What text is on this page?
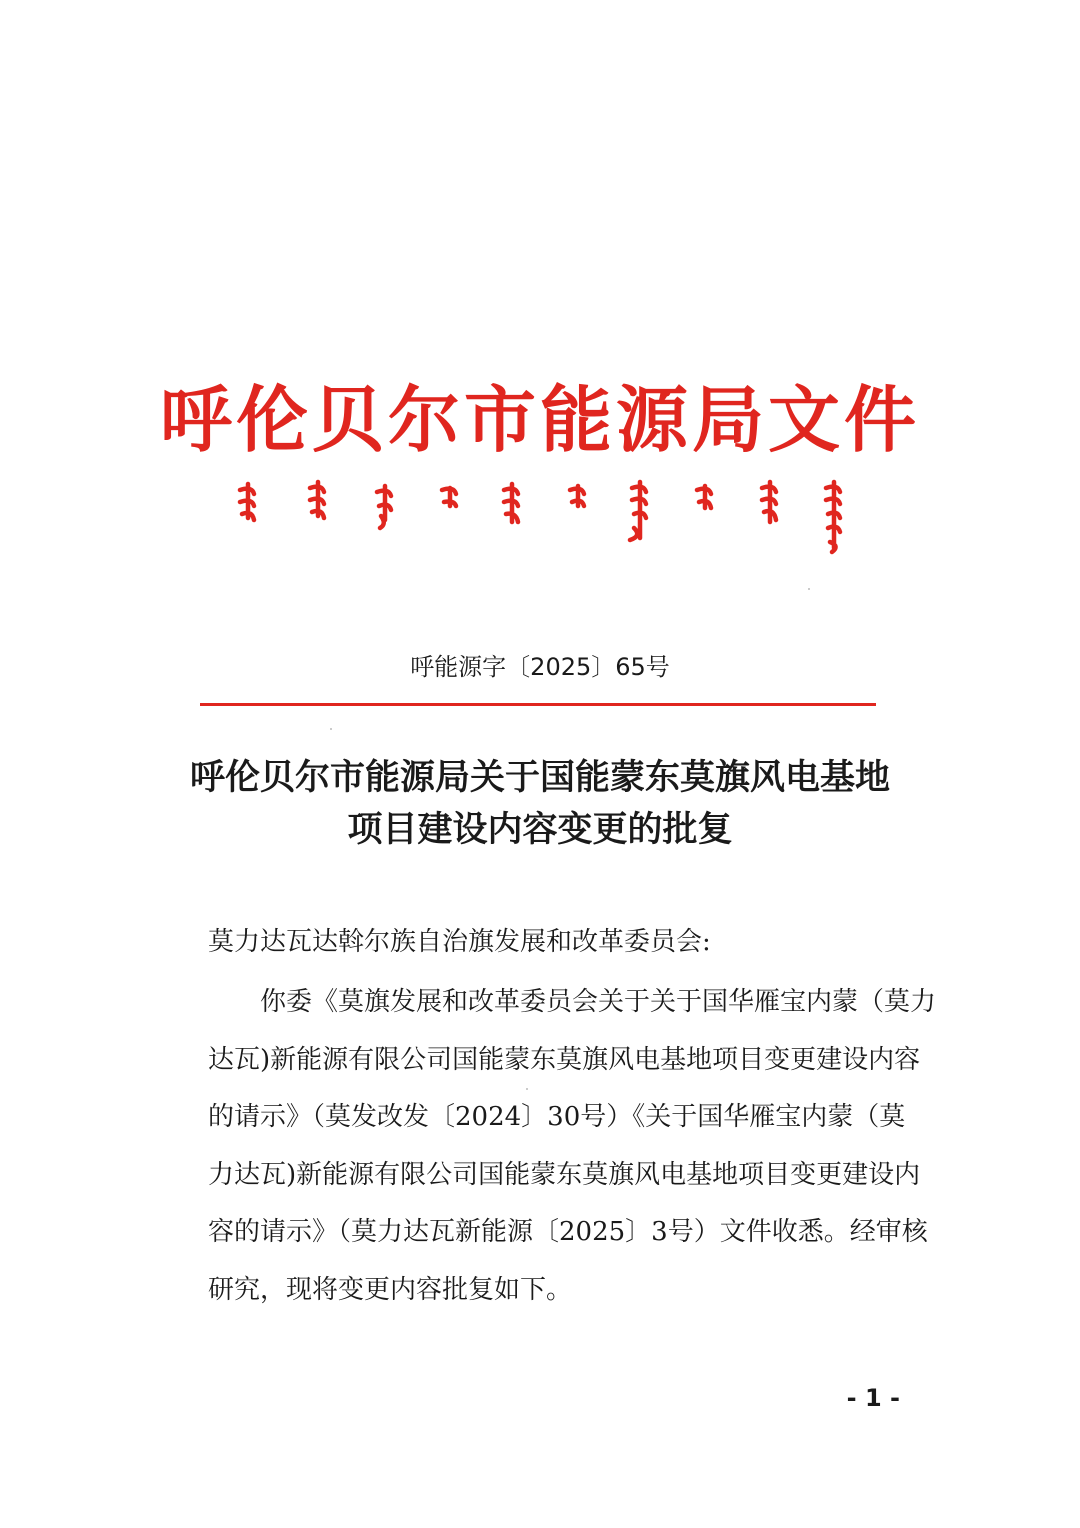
呼伦贝尔市能源局文件
呼能源字〔2025〕65号
呼伦贝尔市能源局关于国能蒙东莫旗风电基地
项目建设内容变更的批复
莫力达瓦达斡尔族自治旗发展和改革委员会:
　　你委《莫旗发展和改革委员会关于关于国华雁宝内蒙（莫力
达瓦)新能源有限公司国能蒙东莫旗风电基地项目变更建设内容
的请示》（莫发改发〔2024〕30号）《关于国华雁宝内蒙（莫
力达瓦)新能源有限公司国能蒙东莫旗风电基地项目变更建设内
容的请示》（莫力达瓦新能源〔2025〕3号）文件收悉。经审核
研究，现将变更内容批复如下。
- 1 -
